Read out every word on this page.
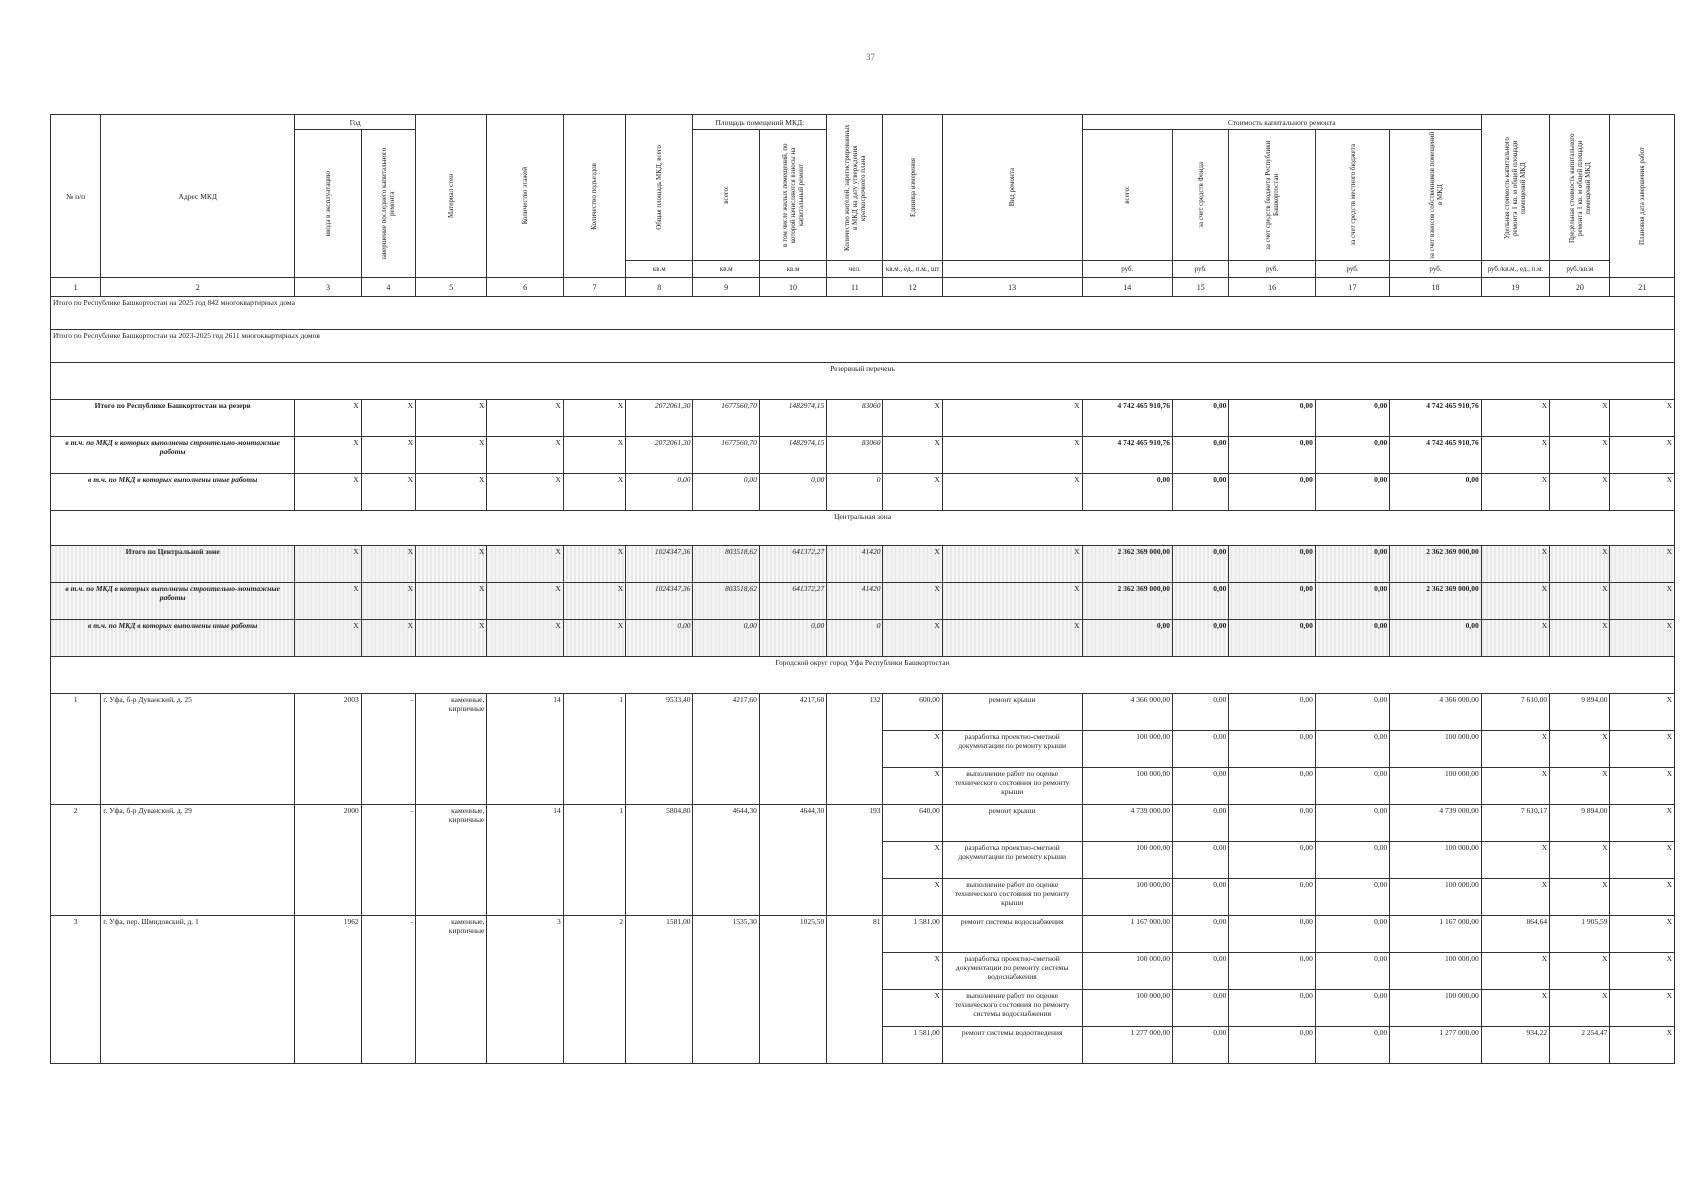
37
№ п/п	Адрес МКД	Год		Материал стен	Количество этажей	Количество подъездов	Общая площадь МКД, всего	Площадь помещений МКД:		Количество жителей, зарегистрированных в МКД на дату утверждения краткосрочного плана	Единица измерения	Вид ремонта	Стоимость капитального ремонта					Удельная стоимость капитального ремонта 1 кв. м общей площади помещений МКД	Предельная стоимость капитального ремонта 1 кв. м общей площади помещений МКД	Плановая дата завершения работ

		ввода в эксплуатацию	завершение последнего капитального ремонта					всего:	в том числе жилых помещений, по которой начисляются взносы на капитальный ремонт				всего:	за счет средств Фонда	за счет средств бюджета Республики Башкортостан	за счет средств местного бюджета	за счет взносов собственников помещений в МКД			

							кв.м	кв.м	кв.м	чел.	кв.м., ед., п.м., шт		руб.	руб.	руб.	руб.	руб.	руб./кв.м., ед., п.м.	руб./кв.м	
1	2	3	4	5	6	7	8	9	10	11	12	13	14	15	16	17	18	19	20	21
Итого по Республике Башкортостан на 2025 год 842 многоквартирных дома																				
Итого по Республике Башкортостан на 2023-2025 год 2611 многоквартирных домов																				
Резервный перечень																				
Итого по Республике Башкортостан на резерв		X	X	X	X	X	2072061,30	1677560,70	1482974,15	83060	X	X	4 742 465 910,76	0,00	0,00	0,00	4 742 465 910,76	X	X	X
в т.ч. по МКД в которых выполнены строительно-монтажные работы		X	X	X	X	X	2072061,30	1677560,70	1482974,15	83060	X	X	4 742 465 910,76	0,00	0,00	0,00	4 742 465 910,76	X	X	X
в т.ч. по МКД в которых выполнены иные работы		X	X	X	X	X	0,00	0,00	0,00	0	X	X	0,00	0,00	0,00	0,00	0,00	X	X	X
Центральная зона																				
Итого по Центральной зоне		X	X	X	X	X	1024347,36	803518,62	641372,27	41420	X	X	2 362 369 000,00	0,00	0,00	0,00	2 362 369 000,00	X	X	X
в т.ч. по МКД в которых выполнены строительно-монтажные работы		X	X	X	X	X	1024347,36	803518,62	641372,27	41420	X	X	2 362 369 000,00	0,00	0,00	0,00	2 362 369 000,00	X	X	X
в т.ч. по МКД в которых выполнены иные работы		X	X	X	X	X	0,00	0,00	0,00	0	X	X	0,00	0,00	0,00	0,00	0,00	X	X	X
Городской округ город Уфа Республики Башкортостан																				
1	г. Уфа, б-р Дуванский, д. 25	2003	-	каменные, кирпичные	14	1	9533,40	4217,60	4217,60	132	600,00	ремонт крыши	4 366 000,00	0,00	0,00	0,00	4 366 000,00	7 610,00	9 894,00	X
											X	разработка проектно-сметной документации по ремонту крыши	100 000,00	0,00	0,00	0,00	100 000,00	X	X	X
											X	выполнение работ по оценке технического состояния по ремонту крыши	100 000,00	0,00	0,00	0,00	100 000,00	X	X	X
2	г. Уфа, б-р Дуванский, д. 29	2000	-	каменные, кирпичные	14	1	5804,80	4644,30	4644,30	193	640,00	ремонт крыши	4 739 000,00	0,00	0,00	0,00	4 739 000,00	7 610,17	9 894,00	X
											X	разработка проектно-сметной документации по ремонту крыши	100 000,00	0,00	0,00	0,00	100 000,00	X	X	X
											X	выполнение работ по оценке технического состояния по ремонту крыши	100 000,00	0,00	0,00	0,00	100 000,00	X	X	X
3	г. Уфа, пер. Шмидовский, д. 1	1962	-	каменные, кирпичные	3	2	1581,00	1535,30	1025,50	81	1 581,00	ремонт системы водоснабжения	1 167 000,00	0,00	0,00	0,00	1 167 000,00	864,64	1 905,59	X
											X	разработка проектно-сметной документации по ремонту системы водоснабжения	100 000,00	0,00	0,00	0,00	100 000,00	X	X	X
											X	выполнение работ по оценке технического состояния по ремонту системы водоснабжения	100 000,00	0,00	0,00	0,00	100 000,00	X	X	X
											1 581,00	ремонт системы водоотведения	1 277 000,00	0,00	0,00	0,00	1 277 000,00	934,22	2 254,47	X
